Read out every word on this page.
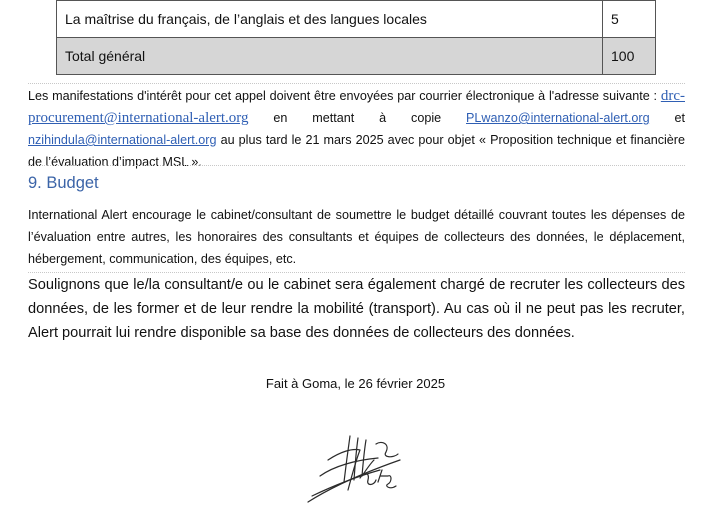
La maîtrise du français, de l’anglais et des langues locales	5
Total général	100
Les manifestations d'intérêt pour cet appel doivent être envoyées par courrier électronique à l'adresse suivante : drc-procurement@international-alert.org en mettant à copie PLwanzo@international-alert.org et nzihindula@international-alert.org au plus tard le 21 mars 2025 avec pour objet « Proposition technique et financière de l’évaluation d’impact MSL ».
9. Budget
International Alert encourage le cabinet/consultant de soumettre le budget détaillé couvrant toutes les dépenses de l’évaluation entre autres, les honoraires des consultants et équipes de collecteurs des données, le déplacement, hébergement, communication, des équipes, etc.
Soulignons que le/la consultant/e ou le cabinet sera également chargé de recruter les collecteurs des données, de les former et de leur rendre la mobilité (transport). Au cas où il ne peut pas les recruter, Alert pourrait lui rendre disponible sa base des données de collecteurs des données.
Fait à Goma, le 26 février 2025
